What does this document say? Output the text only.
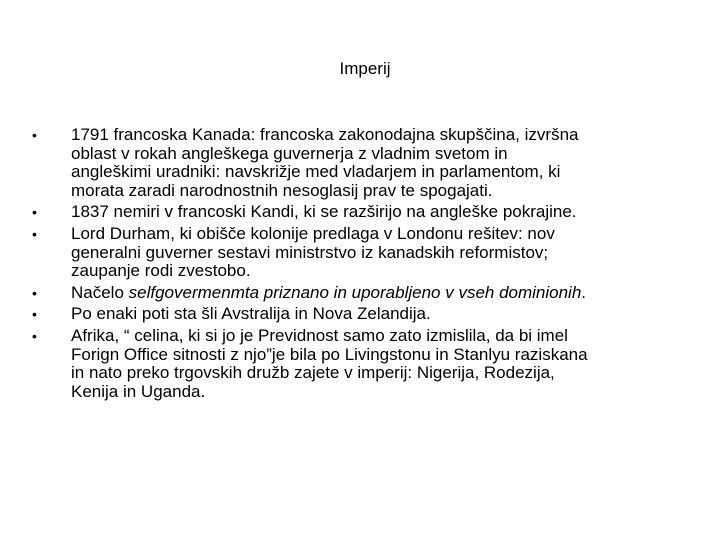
Imperij
• 1791 francoska Kanada: francoska zakonodajna skupščina, izvršna
oblast v rokah angleškega guvernerja z vladnim svetom in
angleškimi uradniki: navskrižje med vladarjem in parlamentom, ki
morata zaradi narodnostnih nesoglasij prav te spogajati.
• 1837 nemiri v francoski Kandi, ki se razširijo na angleške pokrajine.
• Lord Durham, ki obišče kolonije predlaga v Londonu rešitev: nov
generalni guverner sestavi ministrstvo iz kanadskih reformistov;
zaupanje rodi zvestobo.
• Načelo selfgovermenmta priznano in uporabljeno v vseh dominionih.
• Po enaki poti sta šli Avstralija in Nova Zelandija.
• Afrika, “ celina, ki si jo je Previdnost samo zato izmislila, da bi imel
Forign Office sitnosti z njo”je bila po Livingstonu in Stanlyu raziskana
in nato preko trgovskih družb zajete v imperij: Nigerija, Rodezija,
Kenija in Uganda.
